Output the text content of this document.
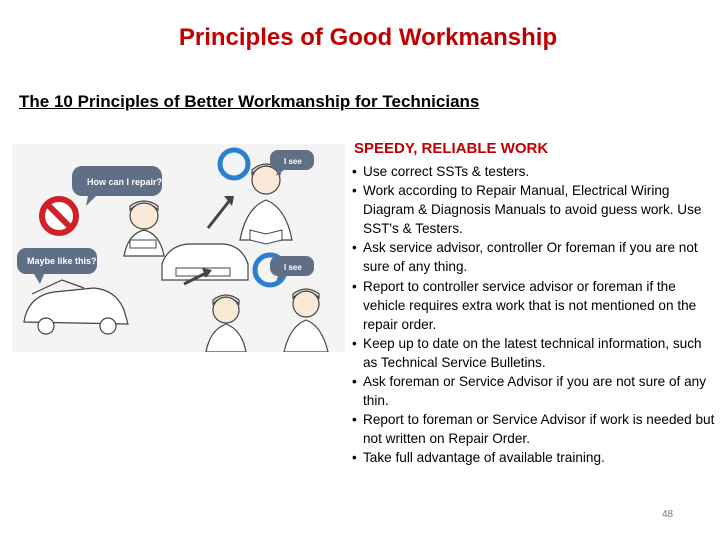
Principles of Good Workmanship
The 10 Principles of Better Workmanship for Technicians
How can I repair?
Maybe like this?
I see
I see
SPEEDY, RELIABLE WORK
• Use correct SSTs & testers.
• Work according to Repair Manual, Electrical Wiring Diagram & Diagnosis Manuals to avoid guess work. Use SST's & Testers.
• Ask service advisor, controller Or foreman if you are not sure of any thing.
• Report to controller service advisor or foreman if the vehicle requires extra work that is not mentioned on the repair order.
• Keep up to date on the latest technical information, such as Technical Service Bulletins.
• Ask foreman or Service Advisor if you are not sure of any thin.
• Report to foreman or Service Advisor if work is needed but not written on Repair Order.
• Take full advantage of available training.
48
